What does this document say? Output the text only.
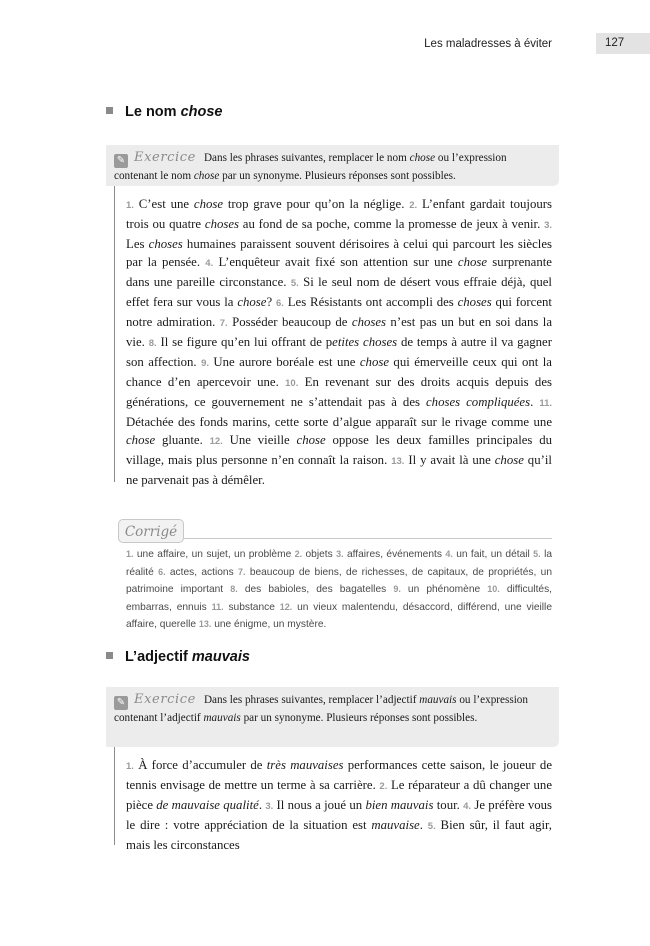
Les maladresses à éviter	127
Le nom chose
✎ Exercice Dans les phrases suivantes, remplacer le nom chose ou l’expression contenant le nom chose par un synonyme. Plusieurs réponses sont possibles.
1. C’est une chose trop grave pour qu’on la néglige. 2. L’enfant gardait toujours trois ou quatre choses au fond de sa poche, comme la promesse de jeux à venir. 3. Les choses humaines paraissent souvent dérisoires à celui qui parcourt les siècles par la pensée. 4. L’enquêteur avait fixé son attention sur une chose surprenante dans une pareille circonstance. 5. Si le seul nom de désert vous effraie déjà, quel effet fera sur vous la chose? 6. Les Résistants ont accompli des choses qui forcent notre admiration. 7. Posséder beaucoup de choses n’est pas un but en soi dans la vie. 8. Il se figure qu’en lui offrant de petites choses de temps à autre il va gagner son affection. 9. Une aurore boréale est une chose qui émerveille ceux qui ont la chance d’en apercevoir une. 10. En revenant sur des droits acquis depuis des générations, ce gouvernement ne s’attendait pas à des choses compliquées. 11. Détachée des fonds marins, cette sorte d’algue apparaît sur le rivage comme une chose gluante. 12. Une vieille chose oppose les deux familles principales du village, mais plus personne n’en connaît la raison. 13. Il y avait là une chose qu’il ne parvenait pas à démêler.
Corrigé
1. une affaire, un sujet, un problème 2. objets 3. affaires, événements 4. un fait, un détail 5. la réalité 6. actes, actions 7. beaucoup de biens, de richesses, de capitaux, de propriétés, un patrimoine important 8. des babioles, des bagatelles 9. un phénomène 10. difficultés, embarras, ennuis 11. substance 12. un vieux malentendu, désaccord, différend, une vieille affaire, querelle 13. une énigme, un mystère.
L’adjectif mauvais
✎ Exercice Dans les phrases suivantes, remplacer l’adjectif mauvais ou l’expression contenant l’adjectif mauvais par un synonyme. Plusieurs réponses sont possibles.
1. À force d’accumuler de très mauvaises performances cette saison, le joueur de tennis envisage de mettre un terme à sa carrière. 2. Le réparateur a dû changer une pièce de mauvaise qualité. 3. Il nous a joué un bien mauvais tour. 4. Je préfère vous le dire : votre appréciation de la situation est mauvaise. 5. Bien sûr, il faut agir, mais les circonstances
